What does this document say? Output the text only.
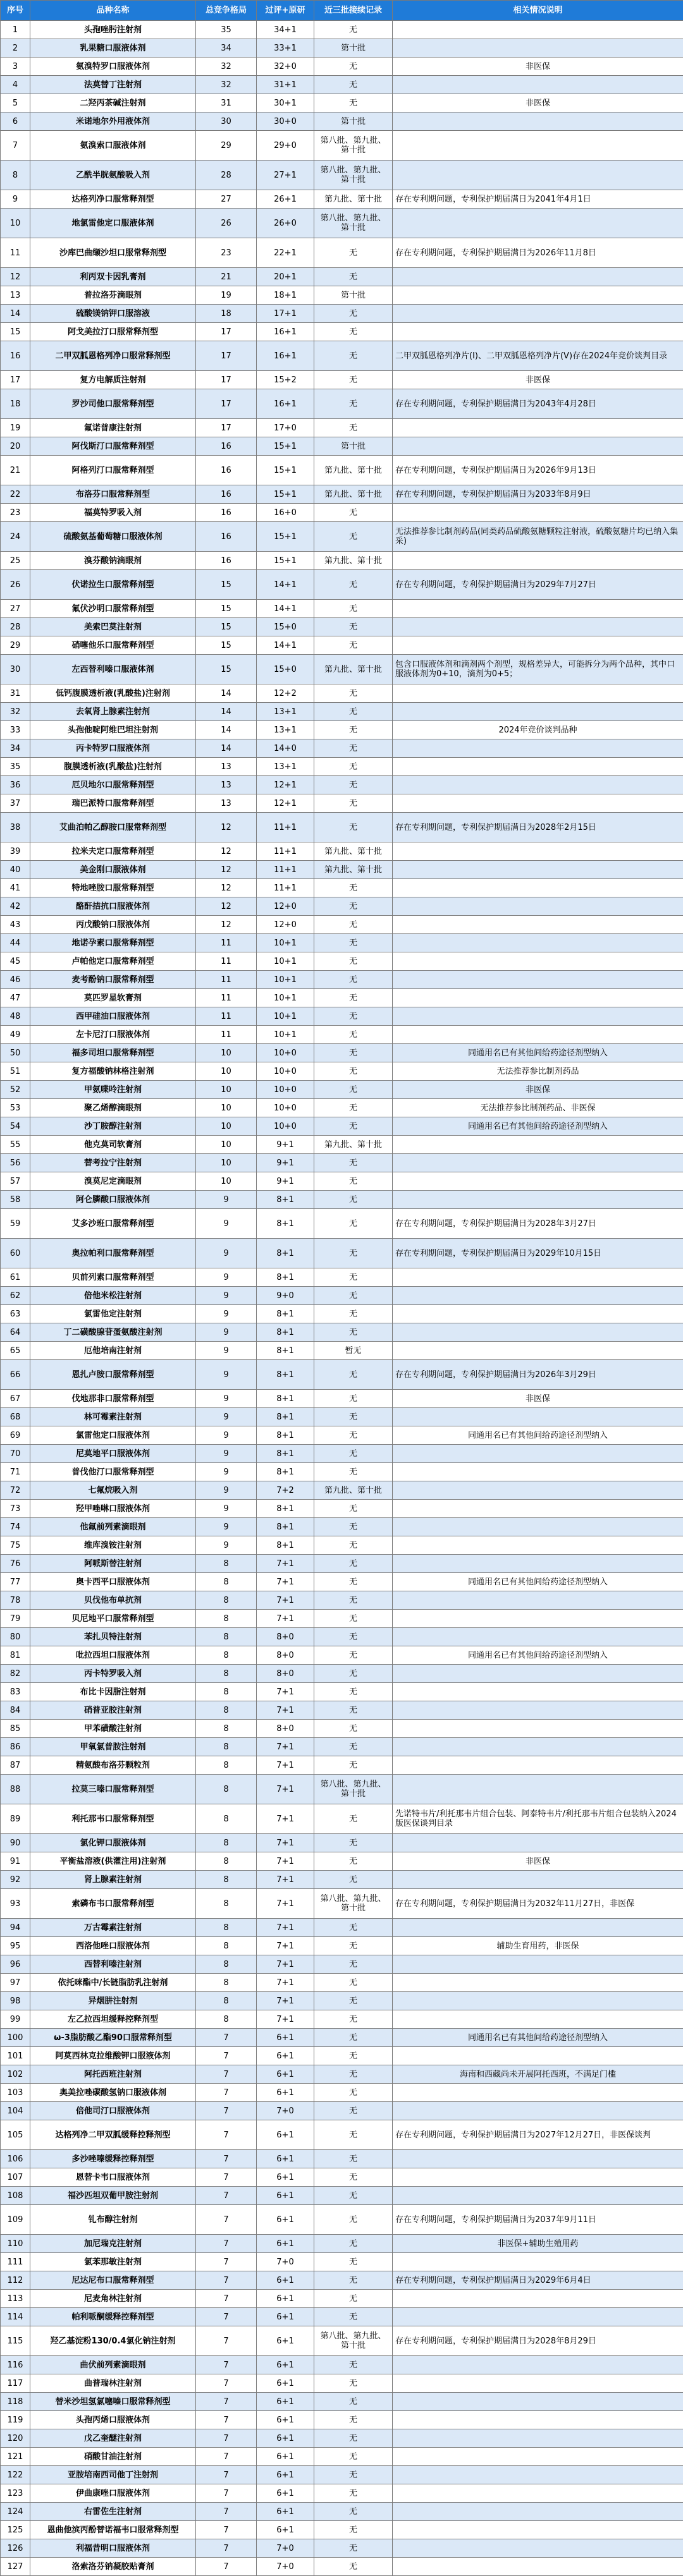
序号	品种名称	总竞争格局	过评+原研	近三批接续记录	相关情况说明
1	头孢唑肟注射剂	35	34+1	无	
2	乳果糖口服液体剂	34	33+1	第十批	
3	氨溴特罗口服液体剂	32	32+0	无	非医保
4	法莫替丁注射剂	32	31+1	无	
5	二羟丙茶碱注射剂	31	30+1	无	非医保
6	米诺地尔外用液体剂	30	30+0	第十批	
7	氨溴索口服液体剂	29	29+0	第八批、第九批、第十批	
8	乙酰半胱氨酸吸入剂	28	27+1	第八批、第九批、第十批	
9	达格列净口服常释剂型	27	26+1	第九批、第十批	存在专利期问题，专利保护期届满日为2041年4月1日
10	地氯雷他定口服液体剂	26	26+0	第八批、第九批、第十批	
11	沙库巴曲缬沙坦口服常释剂型	23	22+1	无	存在专利期问题，专利保护期届满日为2026年11月8日
12	利丙双卡因乳膏剂	21	20+1	无	
13	普拉洛芬滴眼剂	19	18+1	第十批	
14	硫酸镁钠钾口服溶液	18	17+1	无	
15	阿戈美拉汀口服常释剂型	17	16+1	无	
16	二甲双胍恩格列净口服常释剂型	17	16+1	无	二甲双胍恩格列净片(Ⅰ)、二甲双胍恩格列净片(Ⅴ)存在2024年竞价谈判目录
17	复方电解质注射剂	17	15+2	无	非医保
18	罗沙司他口服常释剂型	17	16+1	无	存在专利期问题，专利保护期届满日为2043年4月28日
19	氟诺普康注射剂	17	17+0	无	
20	阿伐斯汀口服常释剂型	16	15+1	第十批	
21	阿格列汀口服常释剂型	16	15+1	第九批、第十批	存在专利期问题，专利保护期届满日为2026年9月13日
22	布洛芬口服常释剂型	16	15+1	第九批、第十批	存在专利期问题，专利保护期届满日为2033年8月9日
23	福莫特罗吸入剂	16	16+0	无	
24	硫酸氨基葡萄糖口服液体剂	16	15+1	无	无法推荐参比制剂药品(同类药品硫酸氨糖颗粒注射液，硫酸氨糖片均已纳入集采)
25	溴芬酸钠滴眼剂	16	15+1	第九批、第十批	
26	伏诺拉生口服常释剂型	15	14+1	无	存在专利期问题，专利保护期届满日为2029年7月27日
27	氟伏沙明口服常释剂型	15	14+1	无	
28	美索巴莫注射剂	15	15+0	无	
29	硝噻他乐口服常释剂型	15	14+1	无	
30	左西替利嗪口服液体剂	15	15+0	第九批、第十批	包含口服液体剂和滴剂两个剂型，规格差异大，可能拆分为两个品种，其中口服液体剂为0+10，滴剂为0+5；
31	低钙腹膜透析液(乳酸盐)注射剂	14	12+2	无	
32	去氧肾上腺素注射剂	14	13+1	无	
33	头孢他啶阿维巴坦注射剂	14	13+1	无	2024年竞价谈判品种
34	丙卡特罗口服液体剂	14	14+0	无	
35	腹膜透析液(乳酸盐)注射剂	13	13+1	无	
36	厄贝地尔口服常释剂型	13	12+1	无	
37	瑞巴派特口服常释剂型	13	12+1	无	
38	艾曲泊帕乙醇胺口服常释剂型	12	11+1	无	存在专利期问题，专利保护期届满日为2028年2月15日
39	拉米夫定口服常释剂型	12	11+1	第九批、第十批	
40	美金刚口服液体剂	12	11+1	第九批、第十批	
41	特地唑胺口服常释剂型	12	11+1	无	
42	酪酐拮抗口服液体剂	12	12+0	无	
43	丙戊酸钠口服液体剂	12	12+0	无	
44	地诺孕素口服常释剂型	11	10+1	无	
45	卢帕他定口服常释剂型	11	10+1	无	
46	麦考酚钠口服常释剂型	11	10+1	无	
47	莫匹罗星软膏剂	11	10+1	无	
48	西甲硅油口服液体剂	11	10+1	无	
49	左卡尼汀口服液体剂	11	10+1	无	
50	福多司坦口服常释剂型	10	10+0	无	同通用名已有其他间给药途径剂型纳入
51	复方福酸钠林格注射剂	10	10+0	无	无法推荐参比制剂药品
52	甲氨喋呤注射剂	10	10+0	无	非医保
53	聚乙烯醇滴眼剂	10	10+0	无	无法推荐参比制剂药品、非医保
54	沙丁胺醇注射剂	10	10+0	无	同通用名已有其他间给药途径剂型纳入
55	他克莫司软膏剂	10	9+1	第九批、第十批	
56	替考拉宁注射剂	10	9+1	无	
57	溴莫尼定滴眼剂	10	9+1	无	
58	阿仑膦酸口服液体剂	9	8+1	无	
59	艾多沙班口服常释剂型	9	8+1	无	存在专利期问题，专利保护期届满日为2028年3月27日
60	奥拉帕利口服常释剂型	9	8+1	无	存在专利期问题，专利保护期届满日为2029年10月15日
61	贝前列素口服常释剂型	9	8+1	无	
62	倍他米松注射剂	9	9+0	无	
63	氯雷他定注射剂	9	8+1	无	
64	丁二磺酸腺苷蛋氨酸注射剂	9	8+1	无	
65	厄他培南注射剂	9	8+1	暂无	
66	恩扎卢胺口服常释剂型	9	8+1	无	存在专利期问题，专利保护期届满日为2026年3月29日
67	伐地那非口服常释剂型	9	8+1	无	非医保
68	林可霉素注射剂	9	8+1	无	
69	氯雷他定口服液体剂	9	8+1	无	同通用名已有其他间给药途径剂型纳入
70	尼莫地平口服液体剂	9	8+1	无	
71	普伐他汀口服常释剂型	9	8+1	无	
72	七氟烷吸入剂	9	7+2	第九批、第十批	
73	羟甲唑啉口服液体剂	9	8+1	无	
74	他氟前列素滴眼剂	9	8+1	无	
75	维库溴铵注射剂	9	8+1	无	
76	阿哌斯替注射剂	8	7+1	无	
77	奥卡西平口服液体剂	8	7+1	无	同通用名已有其他间给药途径剂型纳入
78	贝伐他布单抗剂	8	7+1	无	
79	贝尼地平口服常释剂型	8	7+1	无	
80	苯扎贝特注射剂	8	8+0	无	
81	吡拉西坦口服液体剂	8	8+0	无	同通用名已有其他间给药途径剂型纳入
82	丙卡特罗吸入剂	8	8+0	无	
83	布比卡因脂注射剂	8	7+1	无	
84	硝普亚胶注射剂	8	7+1	无	
85	甲苯磺酸注射剂	8	8+0	无	
86	甲氧氯普胺注射剂	8	7+1	无	
87	精氨酸布洛芬颗粒剂	8	7+1	无	
88	拉莫三嗪口服常释剂型	8	7+1	第八批、第九批、第十批	
89	利托那韦口服常释剂型	8	7+1	无	先诺特韦片/利托那韦片组合包装、阿泰特韦片/利托那韦片组合包装纳入2024版医保谈判目录
90	氯化钾口服液体剂	8	7+1	无	
91	平衡盐溶液(供灌注用)注射剂	8	7+1	无	非医保
92	肾上腺素注射剂	8	7+1	无	
93	索磷布韦口服常释剂型	8	7+1	第八批、第九批、第十批	存在专利期问题，专利保护期届满日为2032年11月27日，非医保
94	万古霉素注射剂	8	7+1	无	
95	西洛他唑口服液体剂	8	7+1	无	辅助生育用药，非医保
96	西替利嗪注射剂	8	7+1	无	
97	依托咪酯中/长链脂肪乳注射剂	8	7+1	无	
98	异烟肼注射剂	8	7+1	无	
99	左乙拉西坦缓释控释剂型	8	7+1	无	
100	ω-3脂肪酸乙酯90口服常释剂型	7	6+1	无	同通用名已有其他间给药途径剂型纳入
101	阿莫西林克拉维酸钾口服液体剂	7	6+1	无	
102	阿托西班注射剂	7	6+1	无	海南和西藏尚未开展阿托西班，不满足门槛
103	奥美拉唑碳酸氢钠口服液体剂	7	6+1	无	
104	倍他司汀口服液体剂	7	7+0	无	
105	达格列净二甲双胍缓释控释剂型	7	6+1	无	存在专利期问题，专利保护期届满日为2027年12月27日，非医保谈判
106	多沙唑嗪缓释控释剂型	7	6+1	无	
107	恩替卡韦口服液体剂	7	6+1	无	
108	福沙匹坦双葡甲胺注射剂	7	6+1	无	
109	钆布醇注射剂	7	6+1	无	存在专利期问题，专利保护期届满日为2037年9月11日
110	加尼瑞克注射剂	7	6+1	无	非医保+辅助生殖用药
111	氯苯那敏注射剂	7	7+0	无	
112	尼达尼布口服常释剂型	7	6+1	无	存在专利期问题，专利保护期届满日为2029年6月4日
113	尼麦角林注射剂	7	6+1	无	
114	帕利哌酮缓释控释剂型	7	6+1	无	
115	羟乙基淀粉130/0.4氯化钠注射剂	7	6+1	第八批、第九批、第十批	存在专利期问题，专利保护期届满日为2028年8月29日
116	曲伏前列素滴眼剂	7	6+1	无	
117	曲普瑞林注射剂	7	6+1	无	
118	替米沙坦氢氯噻嗪口服常释剂型	7	6+1	无	
119	头孢丙烯口服液体剂	7	6+1	无	
120	戊乙奎醚注射剂	7	6+1	无	
121	硝酸甘油注射剂	7	6+1	无	
122	亚胺培南西司他丁注射剂	7	6+1	无	
123	伊曲康唑口服液体剂	7	6+1	无	
124	右雷佐生注射剂	7	6+1	无	
125	恩曲他滨丙酚替诺福韦口服常释剂型	7	6+1	无	
126	利福昔明口服液体剂	7	7+0	无	
127	洛索洛芬钠凝胶贴膏剂	7	7+0	无	
